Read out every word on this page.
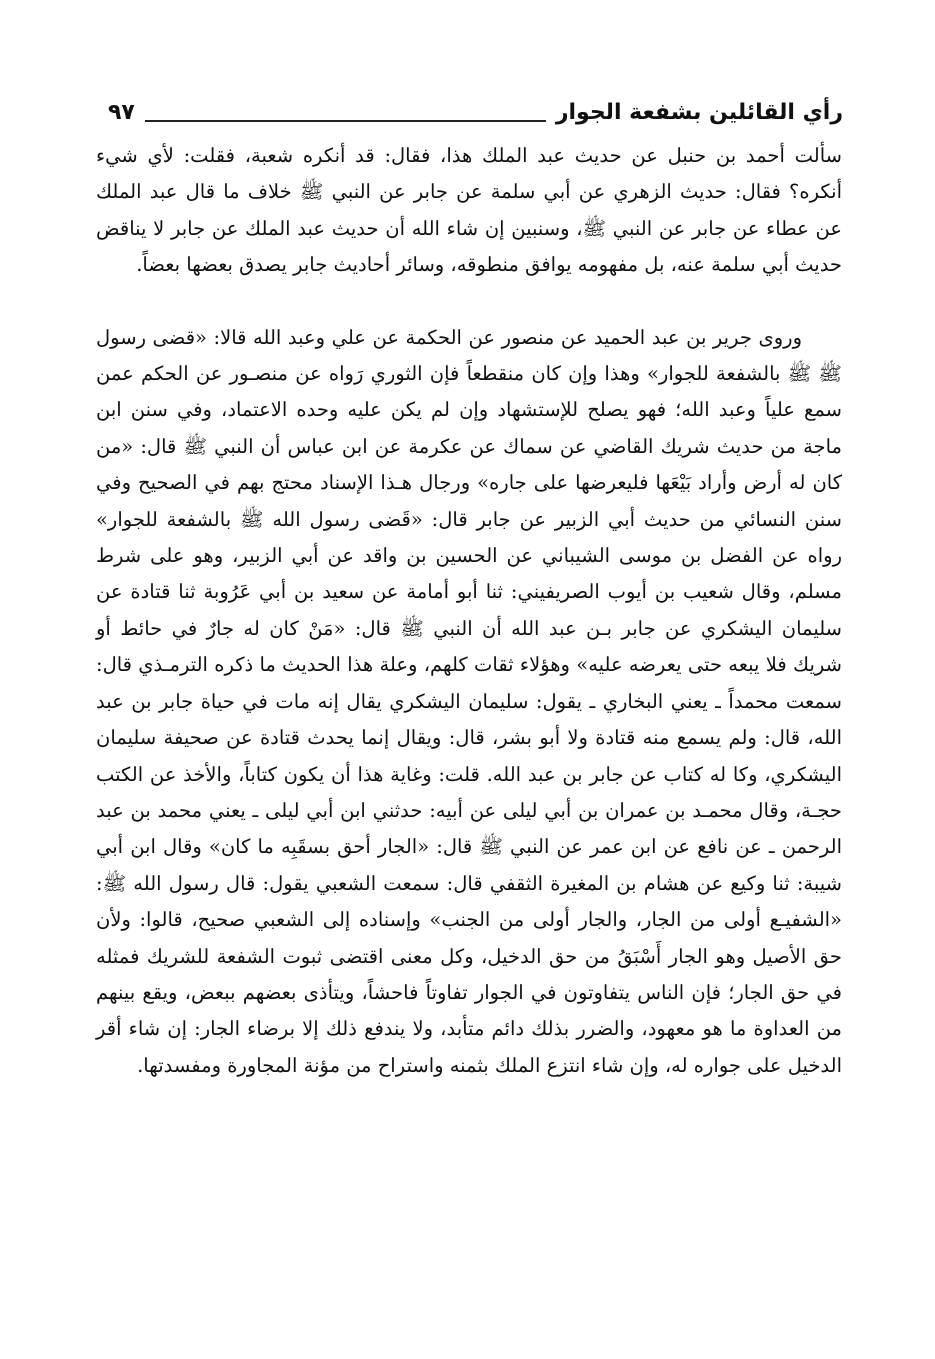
رأي القائلين بشفعة الجوار
٩٧

سألت أحمد بن حنبل عن حديث عبد الملك هذا، فقال: قد أنكره شعبة، فقلت: لأي شيء أنكره؟ فقال: حديث الزهري عن أبي سلمة عن جابر عن النبي ﷺ خلاف ما قال عبد الملك عن عطاء عن جابر عن النبي ﷺ، وسنبين إن شاء الله أن حديث عبد الملك عن جابر لا يناقض حديث أبي سلمة عنه، بل مفهومه يوافق منطوقه، وسائر أحاديث جابر يصدق بعضها بعضاً.

وروى جرير بن عبد الحميد عن منصور عن الحكمة عن علي وعبد الله قالا: «قضى رسول ﷺ ﷺ بالشفعة للجوار» وهذا وإن كان منقطعاً فإن الثوري رَواه عن منصـور عن الحكم عمن سمع علياً وعبد الله؛ فهو يصلح للإستشهاد وإن لم يكن عليه وحده الاعتماد، وفي سنن ابن ماجة من حديث شريك القاضي عن سماك عن عكرمة عن ابن عباس أن النبي ﷺ قال: «من كان له أرض وأراد بَيْعَها فليعرضها على جاره» ورجال هـذا الإسناد محتج بهم في الصحيح وفي سنن النسائي من حديث أبي الزبير عن جابر قال: «قَضى رسول الله ﷺ بالشفعة للجوار» رواه عن الفضل بن موسى الشيباني عن الحسين بن واقد عن أبي الزبير، وهو على شرط مسلم، وقال شعيب بن أيوب الصريفيني: ثنا أبو أمامة عن سعيد بن أبي عَرُوبة ثنا قتادة عن سليمان اليشكري عن جابر بـن عبد الله أن النبي ﷺ قال: «مَنْ كان له جارٌ في حائط أو شريك فلا يبعه حتى يعرضه عليه» وهؤلاء ثقات كلهم، وعلة هذا الحديث ما ذكره الترمـذي قال: سمعت محمداً ـ يعني البخاري ـ يقول: سليمان اليشكري يقال إنه مات في حياة جابر بن عبد الله، قال: ولم يسمع منه قتادة ولا أبو بشر، قال: ويقال إنما يحدث قتادة عن صحيفة سليمان اليشكري، وكا له كتاب عن جابر بن عبد الله. قلت: وغاية هذا أن يكون كتاباً، والأخذ عن الكتب حجـة، وقال محمـد بن عمران بن أبي ليلى عن أبيه: حدثني ابن أبي ليلى ـ يعني محمد بن عبد الرحمن ـ عن نافع عن ابن عمر عن النبي ﷺ قال: «الجار أحق بسقَبِه ما كان» وقال ابن أبي شيبة: ثنا وكيع عن هشام بن المغيرة الثقفي قال: سمعت الشعبي يقول: قال رسول الله ﷺ: «الشفيـع أولى من الجار، والجار أولى من الجنب» وإسناده إلى الشعبي صحيح، قالوا: ولأن حق الأصيل وهو الجار أَسْبَقُ من حق الدخيل، وكل معنى اقتضى ثبوت الشفعة للشريك فمثله في حق الجار؛ فإن الناس يتفاوتون في الجوار تفاوتاً فاحشاً، ويتأذى بعضهم ببعض، ويقع بينهم من العداوة ما هو معهود، والضرر بذلك دائم متأبد، ولا يندفع ذلك إلا برضاء الجار: إن شاء أقر الدخيل على جواره له، وإن شاء انتزع الملك بثمنه واستراح من مؤنة المجاورة ومفسدتها.
